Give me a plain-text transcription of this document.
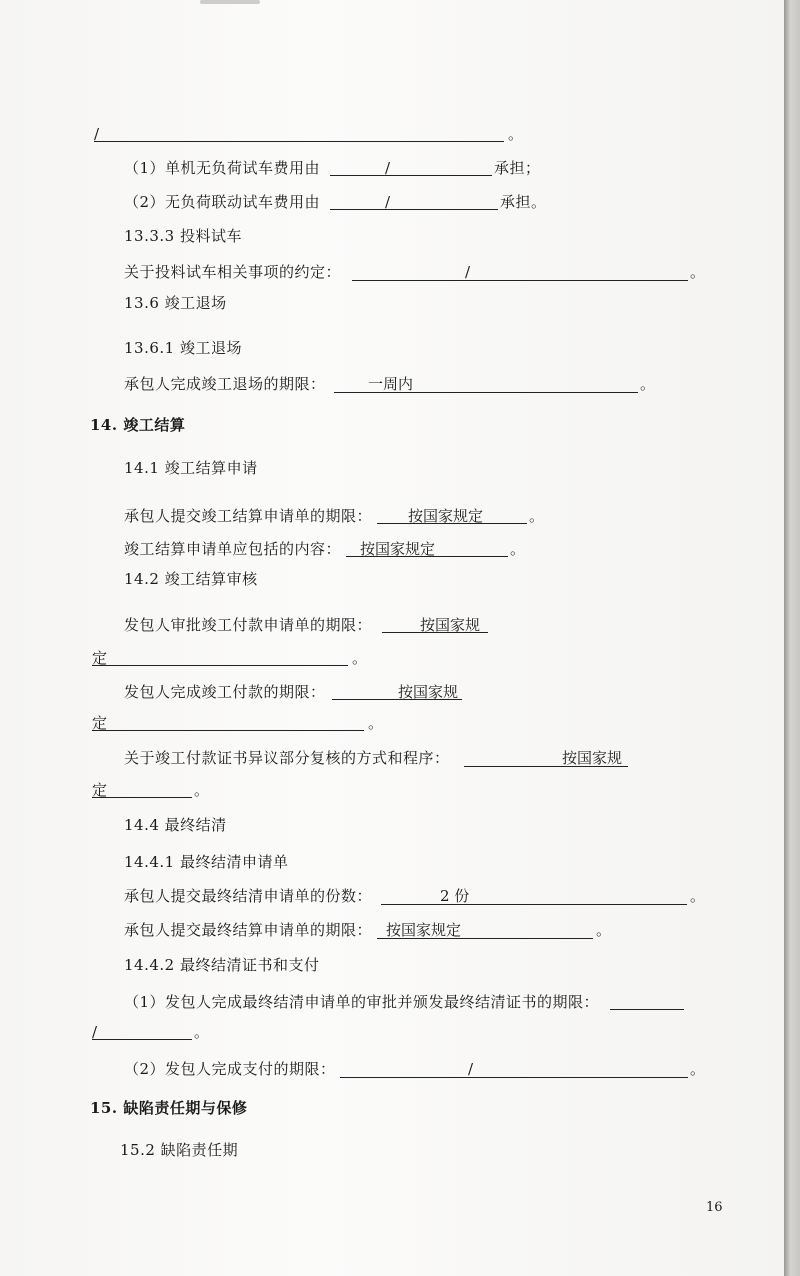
/	。
（1）单机无负荷试车费用由	/	承担；
（2）无负荷联动试车费用由	/	承担。
13.3.3 投料试车
关于投料试车相关事项的约定：	/	。
13.6 竣工退场
13.6.1 竣工退场
承包人完成竣工退场的期限：	一周内	。
14. 竣工结算
14.1 竣工结算申请
承包人提交竣工结算申请单的期限： 按国家规定	。
竣工结算申请单应包括的内容： 按国家规定	。
14.2 竣工结算审核
发包人审批竣工付款申请单的期限：	按国家规
定	。
发包人完成竣工付款的期限：	按国家规
定	。
关于竣工付款证书异议部分复核的方式和程序：	按国家规
定	。
14.4 最终结清
14.4.1 最终结清申请单
承包人提交最终结清申请单的份数：	2 份	。
承包人提交最终结算申请单的期限： 按国家规定	。
14.4.2 最终结清证书和支付
（1）发包人完成最终结清申请单的审批并颁发最终结清证书的期限：
/	。
（2）发包人完成支付的期限：	/	。
15. 缺陷责任期与保修
15.2 缺陷责任期
16
